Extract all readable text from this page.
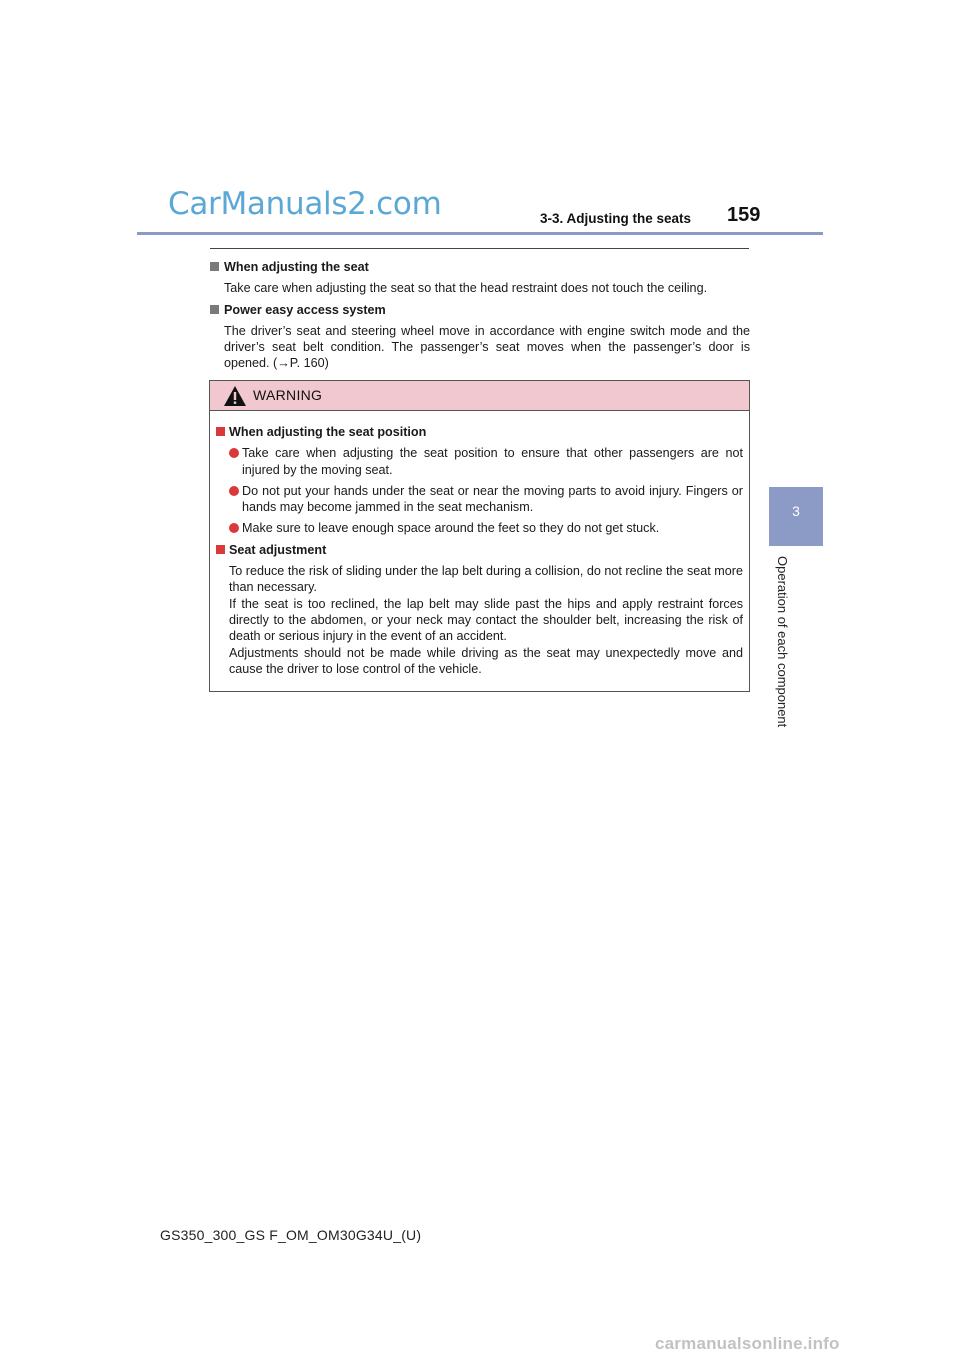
CarManuals2.com	3-3. Adjusting the seats 159
3
Operation of each component
When adjusting the seat
Take care when adjusting the seat so that the head restraint does not touch the ceiling.
Power easy access system
The driver’s seat and steering wheel move in accordance with engine switch mode and the driver’s seat belt condition. The passenger’s seat moves when the passenger’s door is opened. (→P. 160)
WARNING
When adjusting the seat position
Take care when adjusting the seat position to ensure that other passengers are not injured by the moving seat.
Do not put your hands under the seat or near the moving parts to avoid injury. Fingers or hands may become jammed in the seat mechanism.
Make sure to leave enough space around the feet so they do not get stuck.
Seat adjustment
To reduce the risk of sliding under the lap belt during a collision, do not recline the seat more than necessary.
If the seat is too reclined, the lap belt may slide past the hips and apply restraint forces directly to the abdomen, or your neck may contact the shoulder belt, increasing the risk of death or serious injury in the event of an accident.
Adjustments should not be made while driving as the seat may unexpectedly move and cause the driver to lose control of the vehicle.
GS350_300_GS F_OM_OM30G34U_(U)
carmanualsonline.info
